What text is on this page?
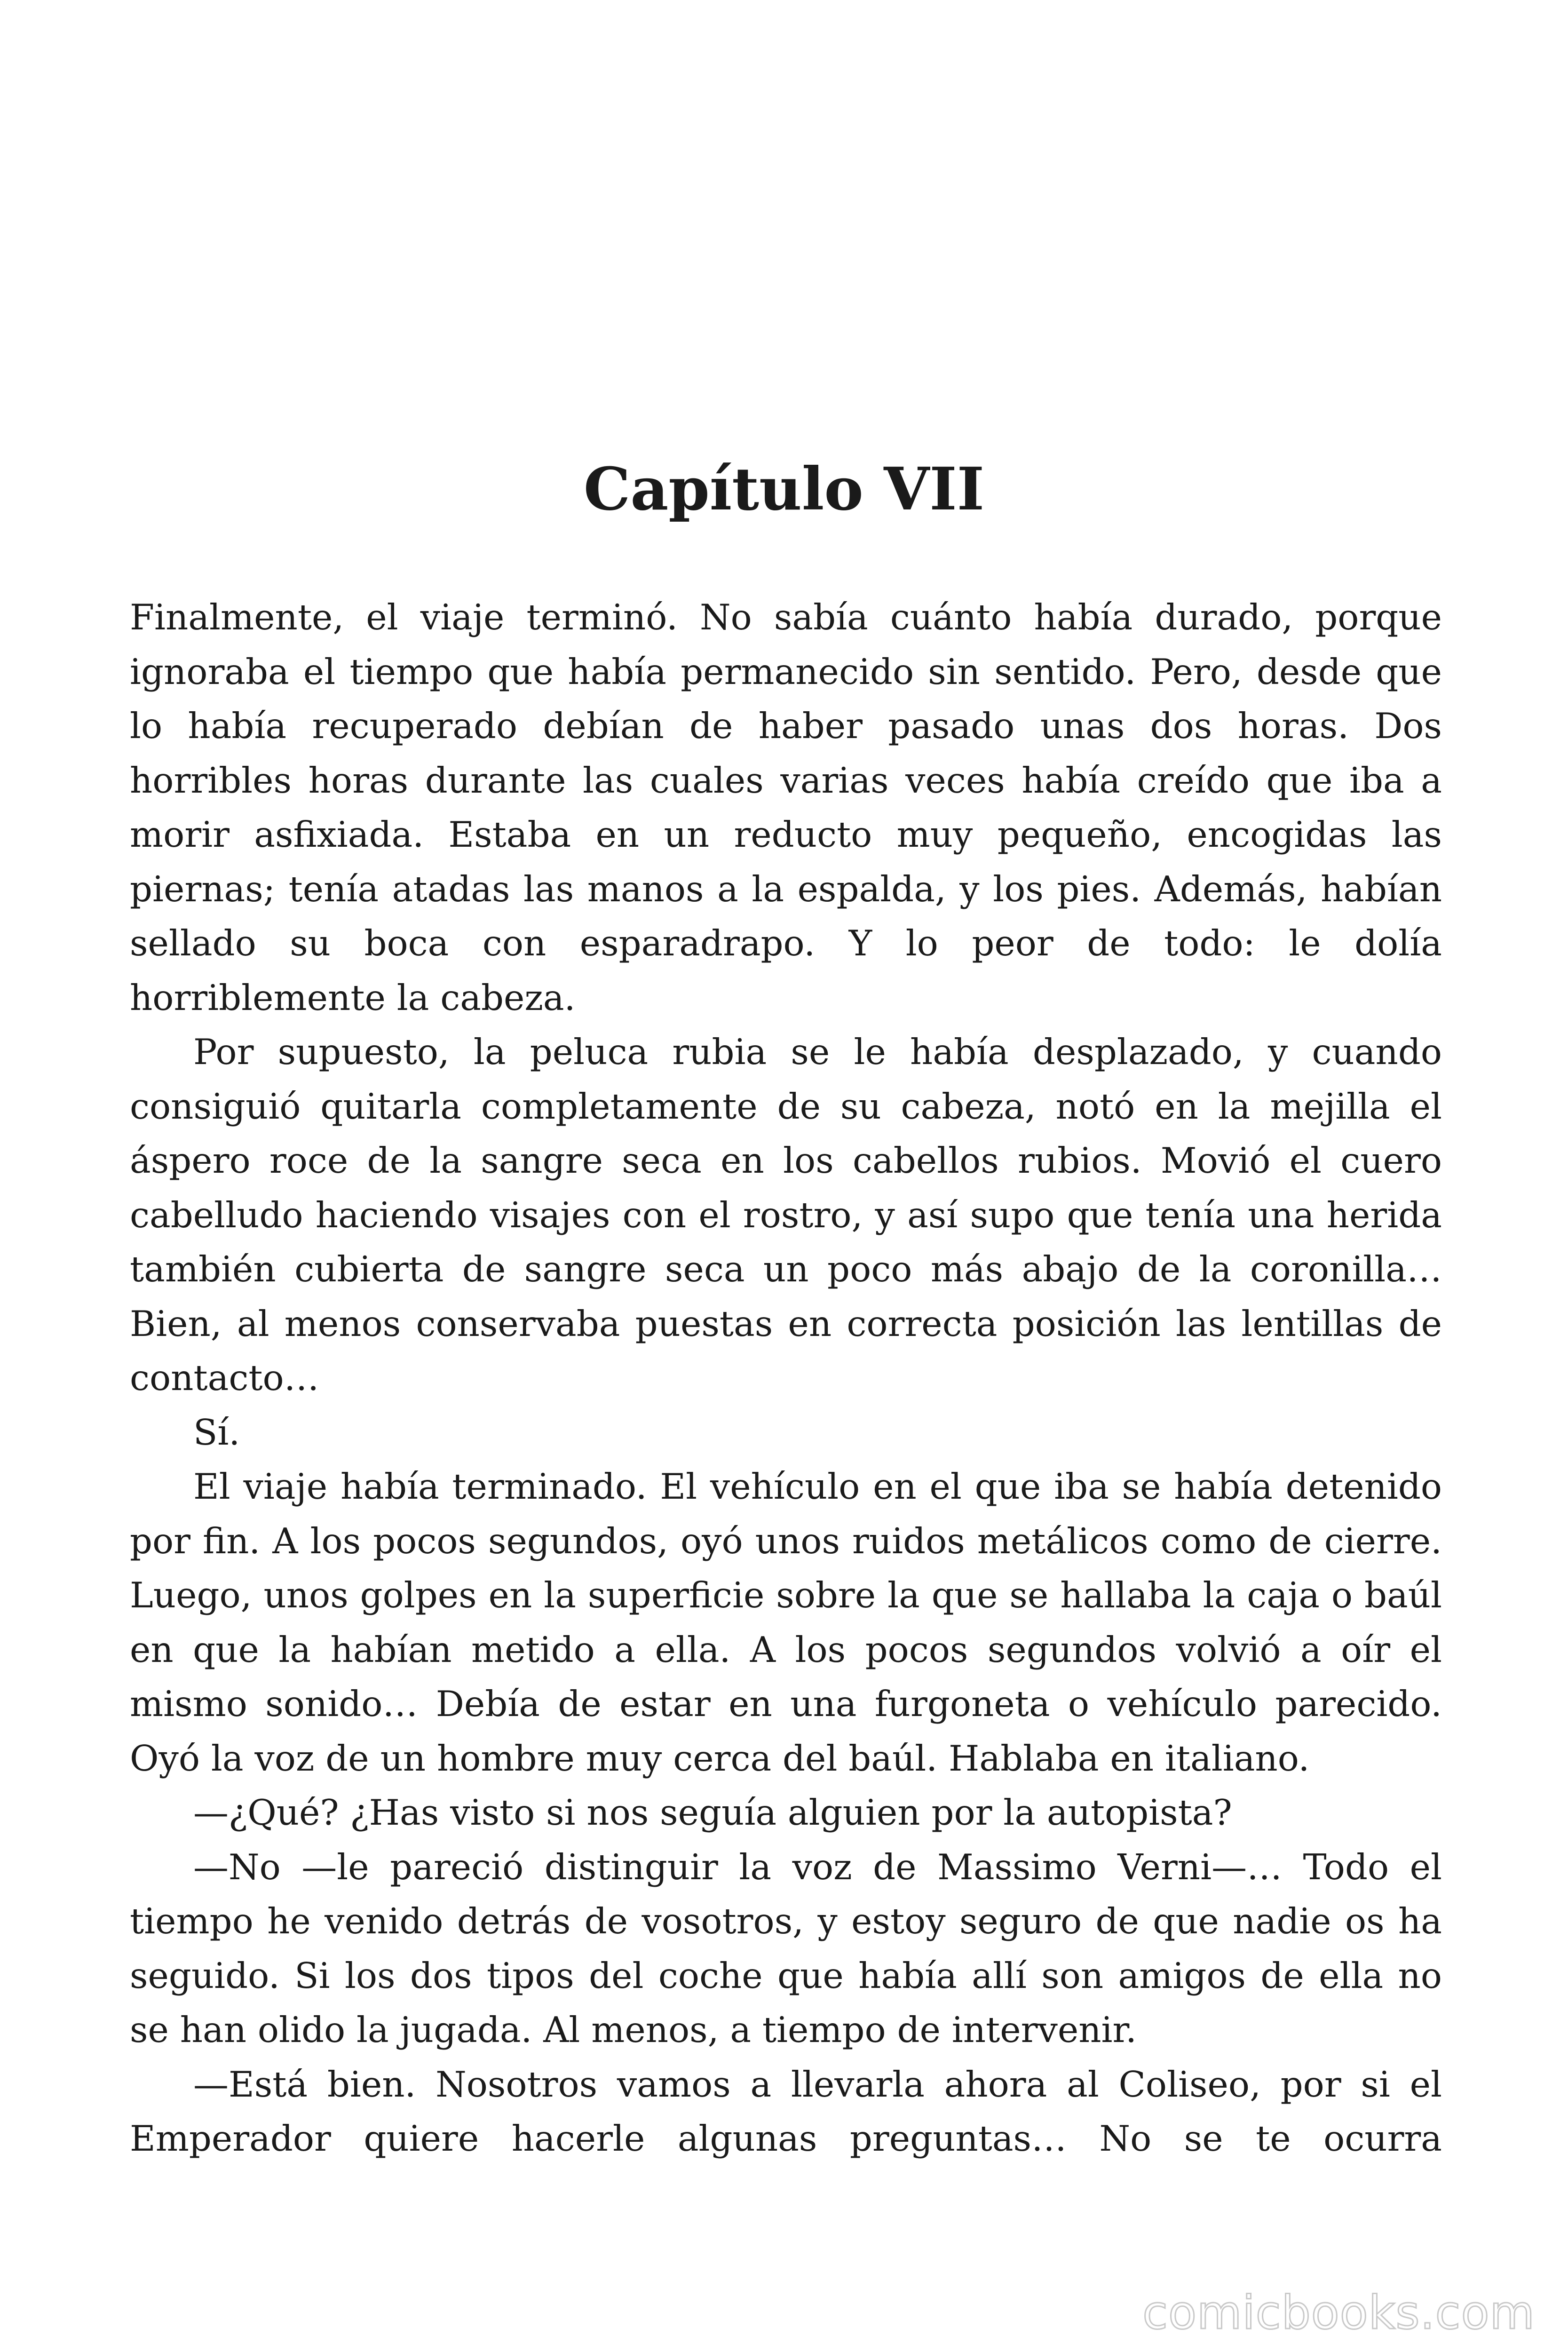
Capítulo VII

Finalmente, el viaje terminó. No sabía cuánto había durado, porque ignoraba el tiempo que había permanecido sin sentido. Pero, desde que lo había recuperado debían de haber pasado unas dos horas. Dos horribles horas durante las cuales varias veces había creído que iba a morir asfixiada. Estaba en un reducto muy pequeño, encogidas las piernas; tenía atadas las manos a la espalda, y los pies. Además, habían sellado su boca con esparadrapo. Y lo peor de todo: le dolía horriblemente la cabeza.

Por supuesto, la peluca rubia se le había desplazado, y cuando consiguió quitarla completamente de su cabeza, notó en la mejilla el áspero roce de la sangre seca en los cabellos rubios. Movió el cuero cabelludo haciendo visajes con el rostro, y así supo que tenía una herida también cubierta de sangre seca un poco más abajo de la coronilla… Bien, al menos conservaba puestas en correcta posición las lentillas de contacto…

Sí.

El viaje había terminado. El vehículo en el que iba se había detenido por fin. A los pocos segundos, oyó unos ruidos metálicos como de cierre. Luego, unos golpes en la superficie sobre la que se hallaba la caja o baúl en que la habían metido a ella. A los pocos segundos volvió a oír el mismo sonido… Debía de estar en una furgoneta o vehículo parecido. Oyó la voz de un hombre muy cerca del baúl. Hablaba en italiano.

—¿Qué? ¿Has visto si nos seguía alguien por la autopista?

—No —le pareció distinguir la voz de Massimo Verni—… Todo el tiempo he venido detrás de vosotros, y estoy seguro de que nadie os ha seguido. Si los dos tipos del coche que había allí son amigos de ella no se han olido la jugada. Al menos, a tiempo de intervenir.

—Está bien. Nosotros vamos a llevarla ahora al Coliseo, por si el Emperador quiere hacerle algunas preguntas… No se te ocurra

comicbooks.com
